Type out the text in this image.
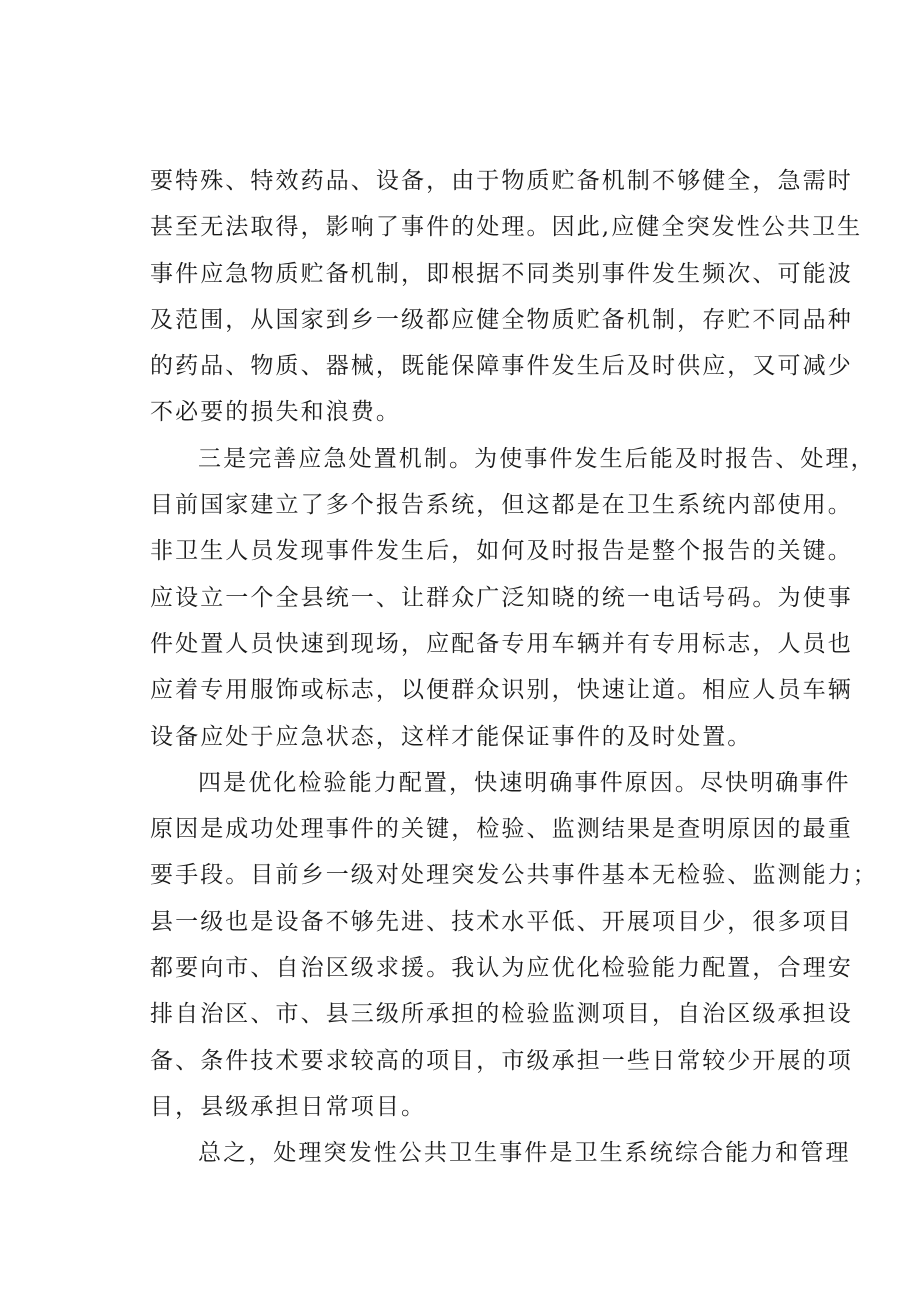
要特殊、特效药品、设备，由于物质贮备机制不够健全，急需时
甚至无法取得，影响了事件的处理。因此,应健全突发性公共卫生
事件应急物质贮备机制，即根据不同类别事件发生频次、可能波
及范围，从国家到乡一级都应健全物质贮备机制，存贮不同品种
的药品、物质、器械，既能保障事件发生后及时供应，又可减少
不必要的损失和浪费。
三是完善应急处置机制。为使事件发生后能及时报告、处理，
目前国家建立了多个报告系统，但这都是在卫生系统内部使用。
非卫生人员发现事件发生后，如何及时报告是整个报告的关键。
应设立一个全县统一、让群众广泛知晓的统一电话号码。为使事
件处置人员快速到现场，应配备专用车辆并有专用标志，人员也
应着专用服饰或标志，以便群众识别，快速让道。相应人员车辆
设备应处于应急状态，这样才能保证事件的及时处置。
四是优化检验能力配置，快速明确事件原因。尽快明确事件
原因是成功处理事件的关键，检验、监测结果是查明原因的最重
要手段。目前乡一级对处理突发公共事件基本无检验、监测能力；
县一级也是设备不够先进、技术水平低、开展项目少，很多项目
都要向市、自治区级求援。我认为应优化检验能力配置，合理安
排自治区、市、县三级所承担的检验监测项目，自治区级承担设
备、条件技术要求较高的项目，市级承担一些日常较少开展的项
目，县级承担日常项目。
总之，处理突发性公共卫生事件是卫生系统综合能力和管理
